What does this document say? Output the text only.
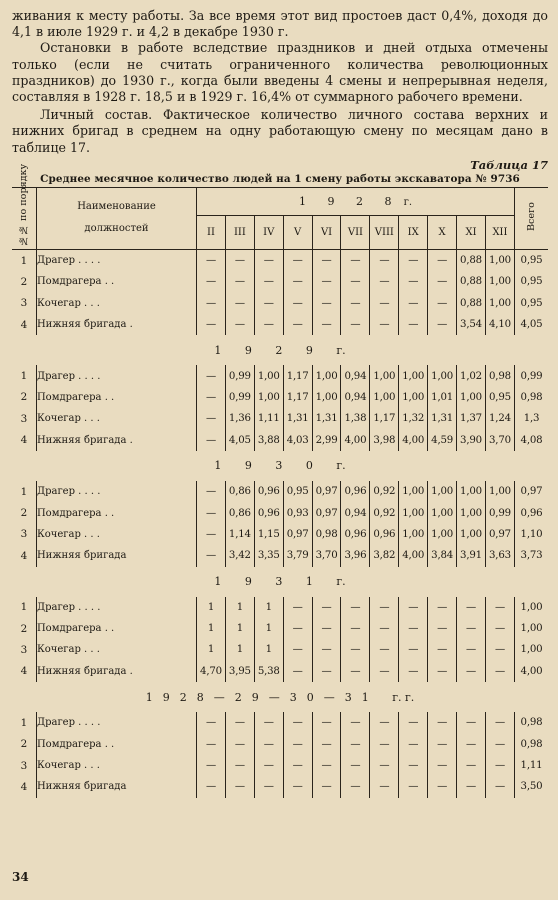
живания к месту работы. За все время этот вид простоев даст 0,4%, доходя до 4,1 в июле 1929 г. и 4,2 в декабре 1930 г.

Остановки в работе вследствие праздников и дней отдыха отмечены только (если не считать ограниченного количества революционных праздников) до 1930 г., когда были введены 4 смены и непрерывная неделя, составляя в 1928 г. 18,5 и в 1929 г. 16,4% от суммарного рабочего времени.

Личный состав. Фактическое количество личного состава верхних и нижних бригад в среднем на одну работающую смену по месяцам дано в таблице 17.

Таблица 17
Среднее месячное количество людей на 1 смену работы экскаватора № 9736
№№ по порядку	Наименование должностей	1 9 2 8 г.											Всего
		II	III	IV	V	VI	VII	VIII	IX	X	XI	XII	
1	Драгер . . . .	—	—	—	—	—	—	—	—	—	0,88	1,00	0,95
2	Помдрагера . .	—	—	—	—	—	—	—	—	—	0,88	1,00	0,95
3	Кочегар . . .	—	—	—	—	—	—	—	—	—	0,88	1,00	0,95
4	Нижняя бригада .	—	—	—	—	—	—	—	—	—	3,54	4,10	4,05
1 9 2 9 г.													
1	Драгер . . . .	—	0,99	1,00	1,17	1,00	0,94	1,00	1,00	1,00	1,02	0,98	0,99
2	Помдрагера . .	—	0,99	1,00	1,17	1,00	0,94	1,00	1,00	1,01	1,00	0,95	0,98
3	Кочегар . . .	—	1,36	1,11	1,31	1,31	1,38	1,17	1,32	1,31	1,37	1,24	1,3
4	Нижняя бригада .	—	4,05	3,88	4,03	2,99	4,00	3,98	4,00	4,59	3,90	3,70	4,08
1 9 3 0 г.													
1	Драгер . . . .	—	0,86	0,96	0,95	0,97	0,96	0,92	1,00	1,00	1,00	1,00	0,97
2	Помдрагера . .	—	0,86	0,96	0,93	0,97	0,94	0,92	1,00	1,00	1,00	0,99	0,96
3	Кочегар . . .	—	1,14	1,15	0,97	0,98	0,96	0,96	1,00	1,00	1,00	0,97	1,10
4	Нижняя бригада	—	3,42	3,35	3,79	3,70	3,96	3,82	4,00	3,84	3,91	3,63	3,73
1 9 3 1 г.													
1	Драгер . . . .	1	1	1	—	—	—	—	—	—	—	—	1,00
2	Помдрагера . .	1	1	1	—	—	—	—	—	—	—	—	1,00
3	Кочегар . . .	1	1	1	—	—	—	—	—	—	—	—	1,00
4	Нижняя бригада .	4,70	3,95	5,38	—	—	—	—	—	—	—	—	4,00
1928—29—30—31 г. г.													
1	Драгер . . . .	—	—	—	—	—	—	—	—	—	—	—	0,98
2	Помдрагера . .	—	—	—	—	—	—	—	—	—	—	—	0,98
3	Кочегар . . .	—	—	—	—	—	—	—	—	—	—	—	1,11
4	Нижняя бригада	—	—	—	—	—	—	—	—	—	—	—	3,50
34
